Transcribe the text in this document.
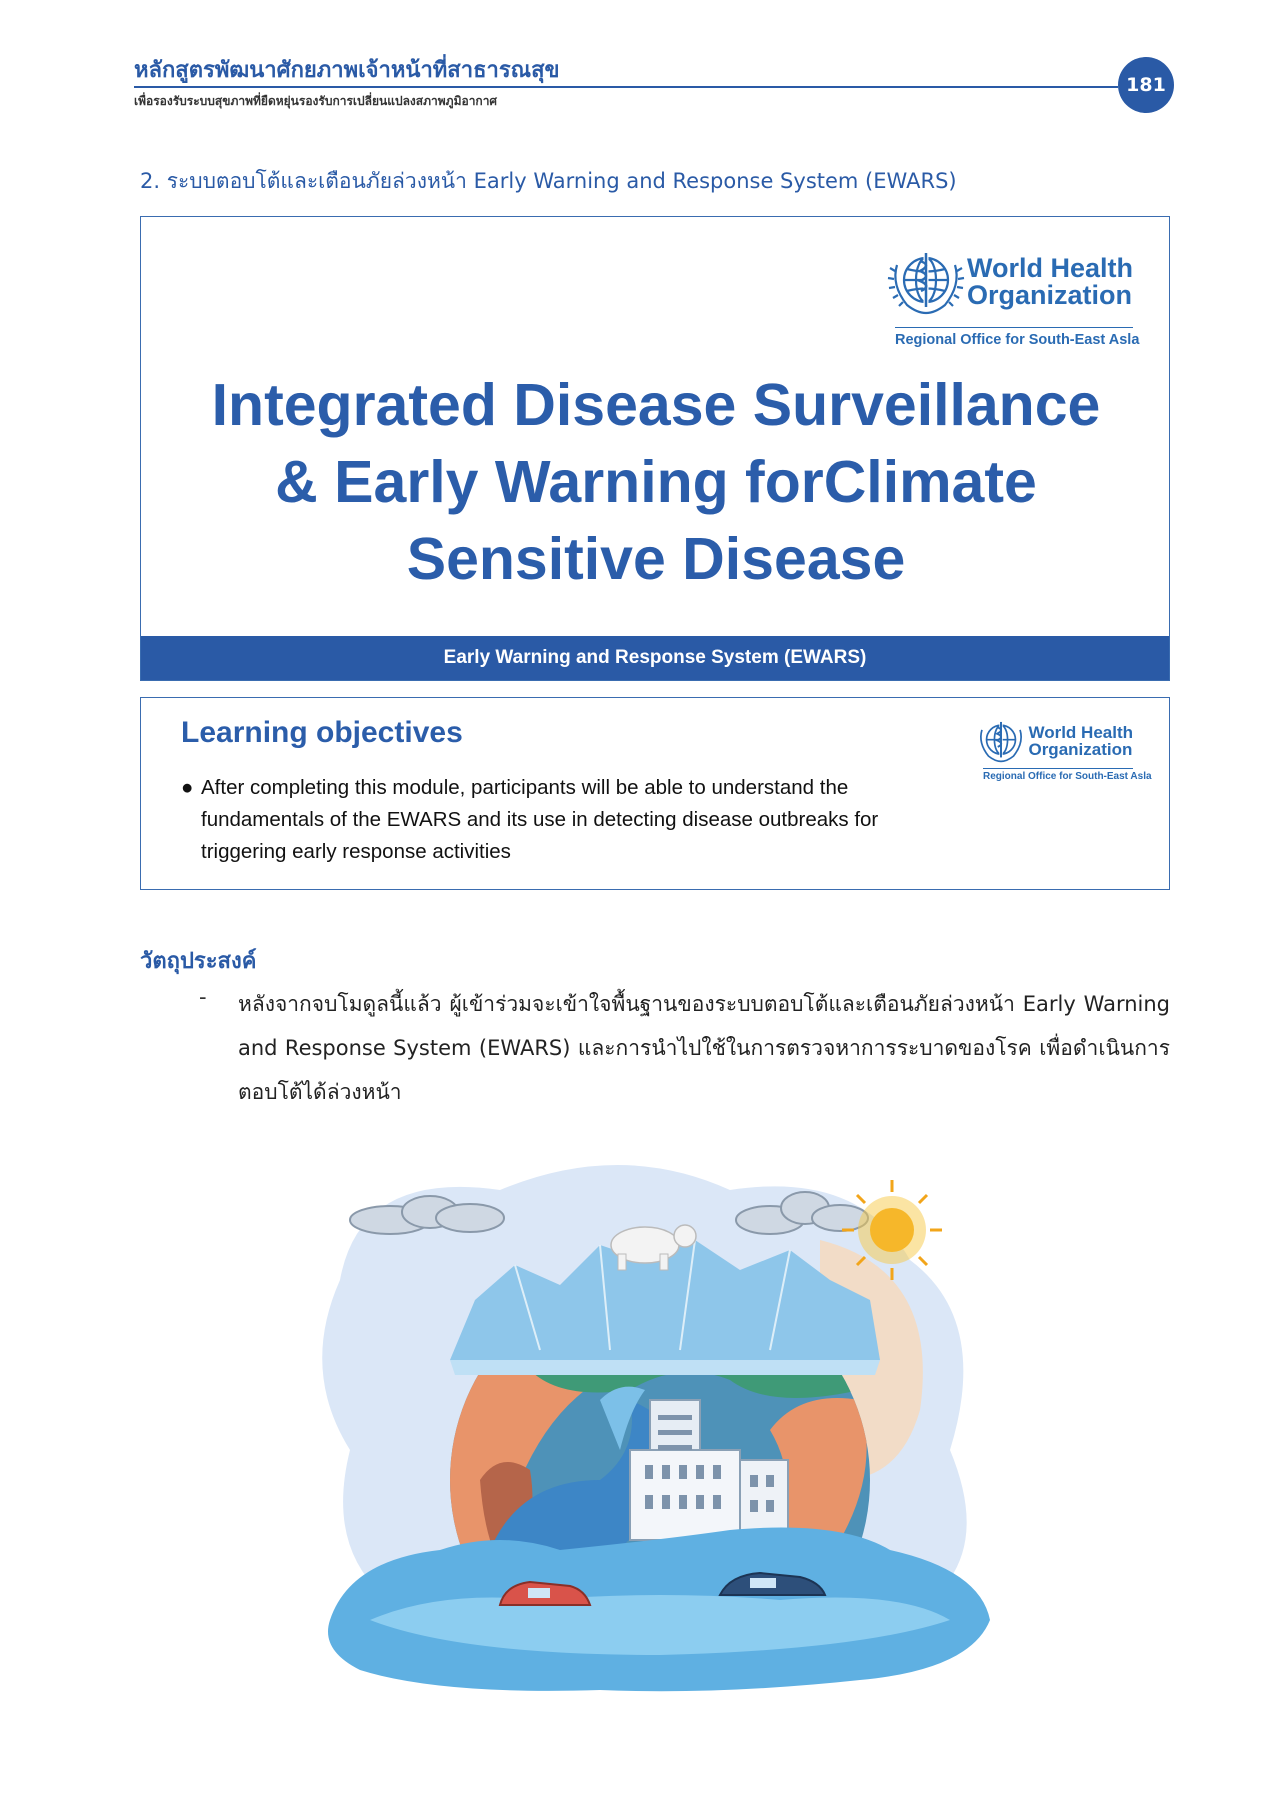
หลักสูตรพัฒนาศักยภาพเจ้าหน้าที่สาธารณสุข
เพื่อรองรับระบบสุขภาพที่ยืดหยุ่นรองรับการเปลี่ยนแปลงสภาพภูมิอากาศ
181
2. ระบบตอบโต้และเตือนภัยล่วงหน้า Early Warning and Response System (EWARS)
World Health
Organization
Regional Office for South-East Asla
Integrated Disease Surveillance
& Early Warning forClimate
Sensitive Disease
Early Warning and Response System (EWARS)
Learning objectives
● After completing this module, participants will be able to understand the fundamentals of the EWARS and its use in detecting disease outbreaks for triggering early response activities
World Health
Organization
Regional Office for South-East Asla
วัตถุประสงค์
- หลังจากจบโมดูลนี้แล้ว ผู้เข้าร่วมจะเข้าใจพื้นฐานของระบบตอบโต้และเตือนภัยล่วงหน้า Early Warning and Response System (EWARS) และการนำไปใช้ในการตรวจหาการระบาดของโรค เพื่อดำเนินการตอบโต้ได้ล่วงหน้า
